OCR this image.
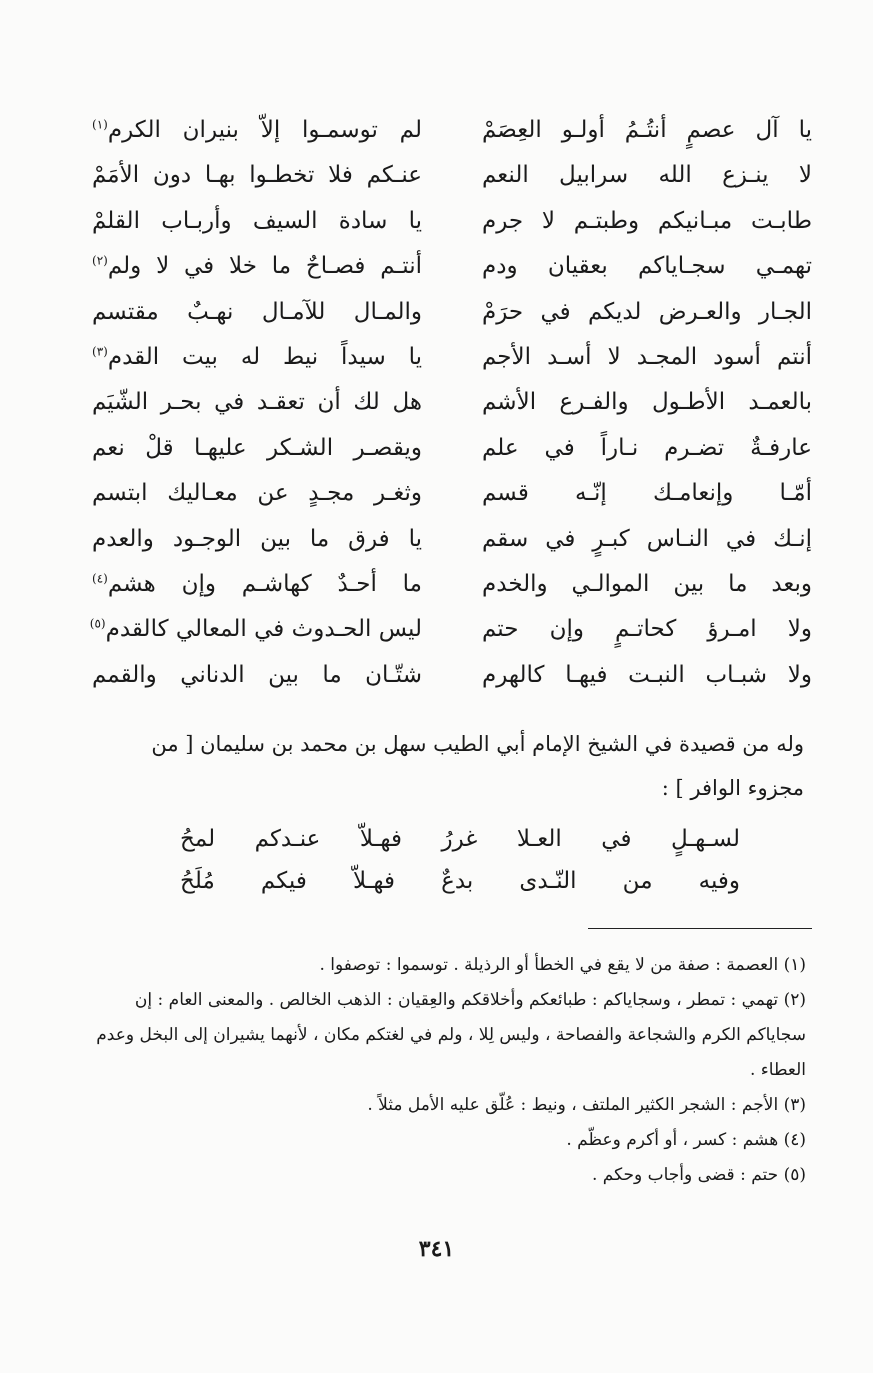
يا آل عصمٍ أنتُـمُ أولـو العِصَمْ
لا ينـزع الله سرابيل النعم
طابـت مبـانيكم وطبتـم لا جرم
تهمـي سجـاياكم بعقيان ودم
الجـار والعـرض لديكم في حرَمْ
أنتم أسود المجـد لا أسـد الأجم
بالعمـد الأطـول والفـرع الأشم
عارفـةٌ تضـرم نـاراً في علم
أمّـا وإنعامـك إنّـه قسم
إنـك في النـاس كبـرٍ في سقم
وبعد ما بين الموالـي والخدم
ولا امـرؤ كحاتـمٍ وإن حتم
ولا شبـاب النبـت فيهـا كالهرم
لم توسمـوا إلاّ بنيران الكرم$^{(١)}$
عنـكم فلا تخطـوا بهـا دون الأمَمْ
يا سادة السيف وأربـاب القلمْ
أنتـم فصـاحٌ ما خلا في لا ولم$^{(٢)}$
والمـال للآمـال نهـبٌ مقتسم
يا سيداً نيط له بيت القدم$^{(٣)}$
هل لك أن تعقـد في بحـر الشّيَم
ويقصـر الشـكر عليهـا قلْ نعم
وثغـر مجـدٍ عن معـاليك ابتسم
يا فرق ما بين الوجـود والعدم
ما أحـدٌ كهاشـم وإن هشم$^{(٤)}$
ليس الحـدوث في المعالي كالقدم$^{(٥)}$
شتّـان ما بين الدناني والقمم
وله من قصيدة في الشيخ الإمام أبي الطيب سهل بن محمد بن سليمان [ من مجزوء الوافر ] :
لسـهـلٍ في العـلا غررُ فهـلاّ عنـدكم لمحُ
وفيه من النّـدى بدعٌ فهـلاّ فيكم مُلَحُ

(١) العصمة : صفة من لا يقع في الخطأ أو الرذيلة . توسموا : توصفوا .

(٢) تهمي : تمطر ، وسجاياكم : طبائعكم وأخلاقكم والعِقيان : الذهب الخالص . والمعنى العام : إن سجاياكم الكرم والشجاعة والفصاحة ، وليس لِلا ، ولم في لغتكم مكان ، لأنهما يشيران إلى البخل وعدم العطاء .

(٣) الأجم : الشجر الكثير الملتف ، ونيط : عُلّق عليه الأمل مثلاً .

(٤) هشم : كسر ، أو أكرم وعظّم .

(٥) حتم : قضى وأجاب وحكم .

٣٤١
